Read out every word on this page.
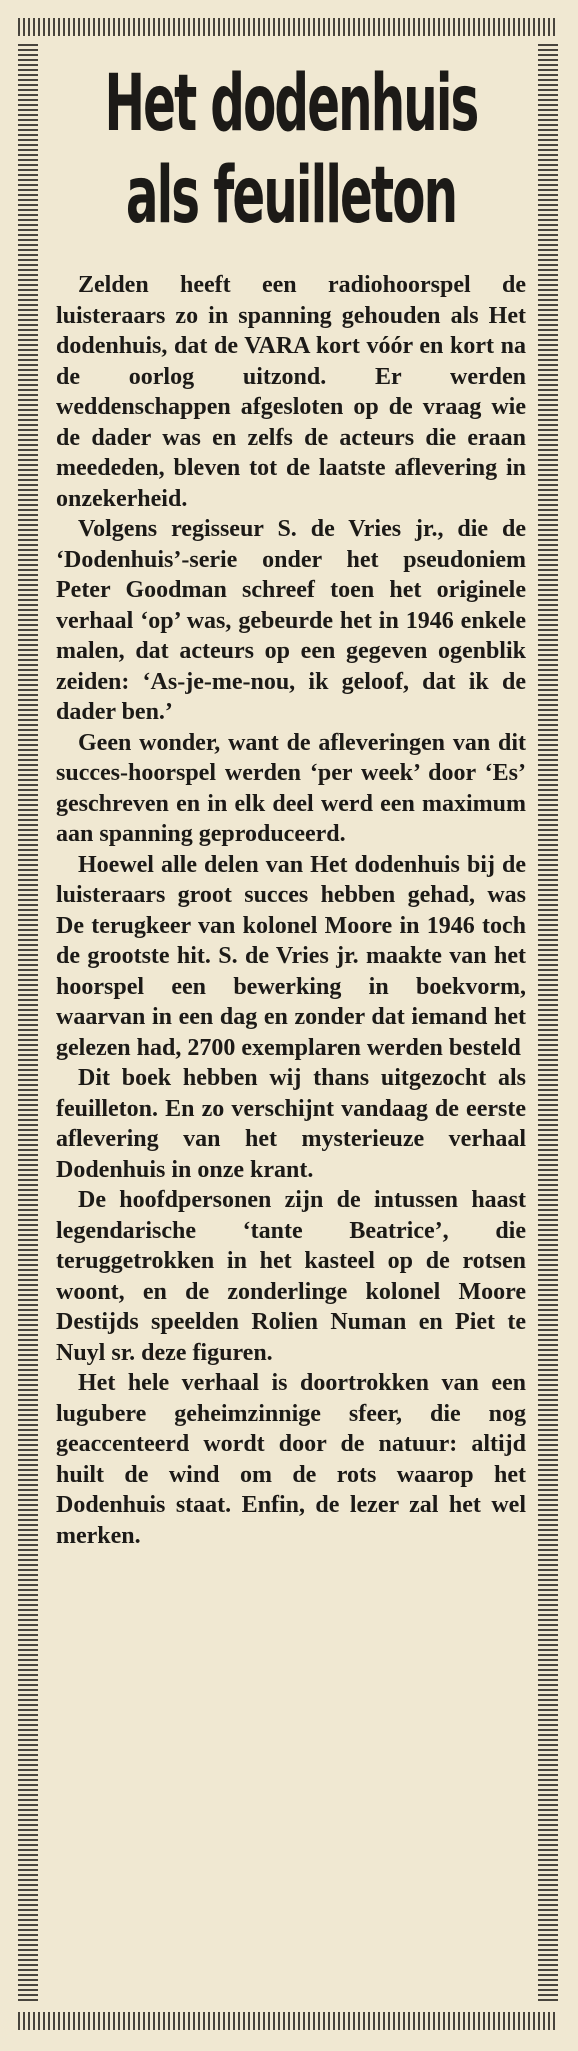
Het dodenhuis
als feuilleton

Zelden heeft een radiohoorspel de luisteraars zo in spanning gehouden als Het dodenhuis, dat de VARA kort vóór en kort na de oorlog uitzond. Er werden weddenschappen afgesloten op de vraag wie de dader was en zelfs de acteurs die eraan meededen, bleven tot de laatste aflevering in onzekerheid.

Volgens regisseur S. de Vries jr., die de ‘Dodenhuis’-serie onder het pseudoniem Peter Goodman schreef toen het originele verhaal ‘op’ was, gebeurde het in 1946 enkele malen, dat acteurs op een gegeven ogenblik zeiden: ‘As-je-me-nou, ik geloof, dat ik de dader ben.’

Geen wonder, want de afleveringen van dit succes-hoorspel werden ‘per week’ door ‘Es’ geschreven en in elk deel werd een maximum aan spanning geproduceerd.

Hoewel alle delen van Het dodenhuis bij de luisteraars groot succes hebben gehad, was De terugkeer van kolonel Moore in 1946 toch de grootste hit. S. de Vries jr. maakte van het hoorspel een bewerking in boekvorm, waarvan in een dag en zonder dat iemand het gelezen had, 2700 exemplaren werden besteld

Dit boek hebben wij thans uitgezocht als feuilleton. En zo verschijnt vandaag de eerste aflevering van het mysterieuze verhaal Dodenhuis in onze krant.

De hoofdpersonen zijn de intussen haast legendarische ‘tante Beatrice’, die teruggetrokken in het kasteel op de rotsen woont, en de zonderlinge kolonel Moore Destijds speelden Rolien Numan en Piet te Nuyl sr. deze figuren.

Het hele verhaal is doortrokken van een lugubere geheimzinnige sfeer, die nog geaccenteerd wordt door de natuur: altijd huilt de wind om de rots waarop het Dodenhuis staat. Enfin, de lezer zal het wel merken.
